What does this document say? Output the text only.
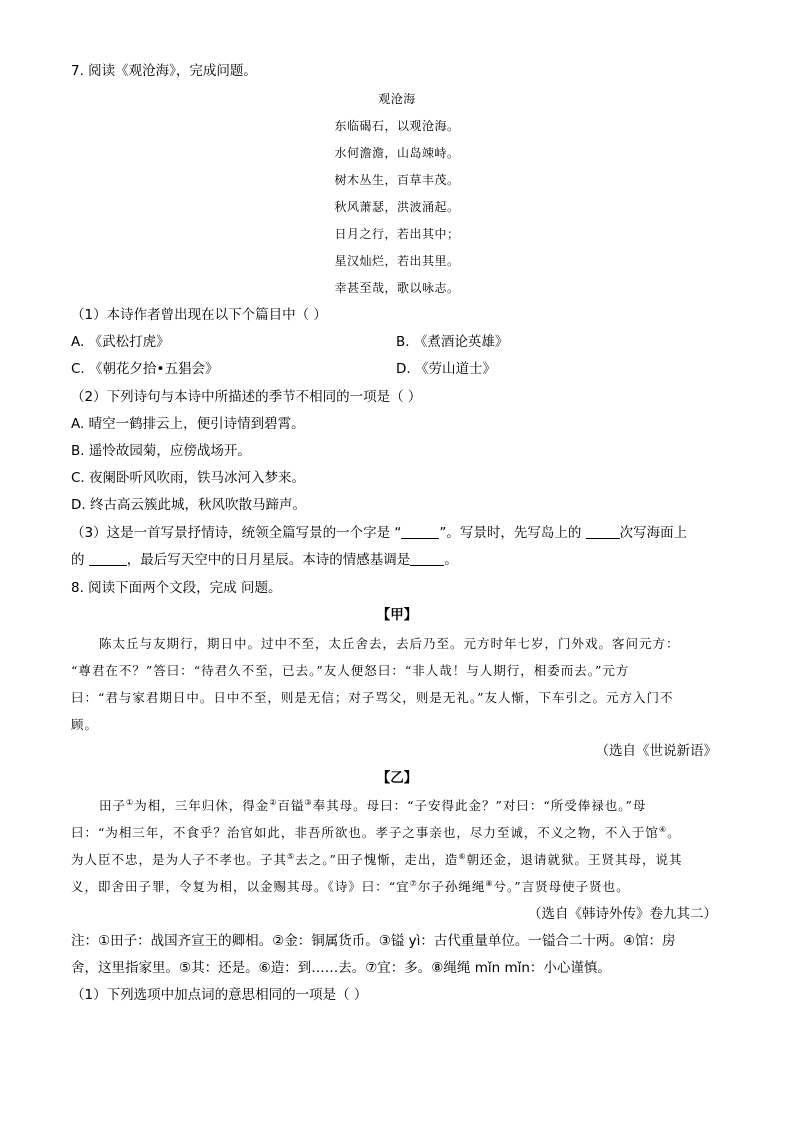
7. 阅读《观沧海》，完成问题。
观沧海
东临碣石，以观沧海。
水何澹澹，山岛竦峙。
树木丛生，百草丰茂。
秋风萧瑟，洪波涌起。
日月之行，若出其中；
星汉灿烂，若出其里。
幸甚至哉，歌以咏志。
（1）本诗作者曾出现在以下个篇目中（ ）
A. 《武松打虎》	B. 《煮酒论英雄》
C. 《朝花夕拾•五猖会》	D. 《劳山道士》
（2）下列诗句与本诗中所描述的季节不相同的一项是（ ）
A. 晴空一鹤排云上，便引诗情到碧霄。
B. 遥怜故园菊，应傍战场开。
C. 夜阑卧听风吹雨，铁马冰河入梦来。
D. 终古高云簇此城，秋风吹散马蹄声。
（3）这是一首写景抒情诗，统领全篇写景的一个字是 “	”。写景时，先写岛上的	次写海面上
的	，最后写天空中的日月星辰。本诗的情感基调是	。
8. 阅读下面两个文段，完成 问题。
【甲】
陈太丘与友期行，期日中。过中不至，太丘舍去，去后乃至。元方时年七岁，门外戏。客问元方：
“尊君在不？”答曰：“待君久不至，已去。”友人便怒曰：“非人哉！与人期行，相委而去。”元方
曰：“君与家君期日中。日中不至，则是无信；对子骂父，则是无礼。”友人惭，下车引之。元方入门不
顾。
（选自《世说新语》
【乙】
田子①为相，三年归休，得金②百镒③奉其母。母曰：“子安得此金？”对曰：“所受俸禄也。”母
曰：“为相三年，不食乎？治官如此，非吾所欲也。孝子之事亲也，尽力至诚，不义之物，不入于馆④。
为人臣不忠，是为人子不孝也。子其⑤去之。”田子愧惭，走出，造⑥朝还金，退请就狱。王贤其母，说其
义，即舍田子罪，令复为相，以金赐其母。《诗》曰：“宜⑦尔子孙绳绳⑧兮。”言贤母使子贤也。
（选自《韩诗外传》卷九其二）
注：①田子：战国齐宣王的卿相。②金：铜属货币。③镒 yì：古代重量单位。一镒合二十两。④馆：房
舍，这里指家里。⑤其：还是。⑥造：到……去。⑦宜：多。⑧绳绳 mǐn mǐn：小心谨慎。
（1）下列选项中加点词的意思相同的一项是（ ）
